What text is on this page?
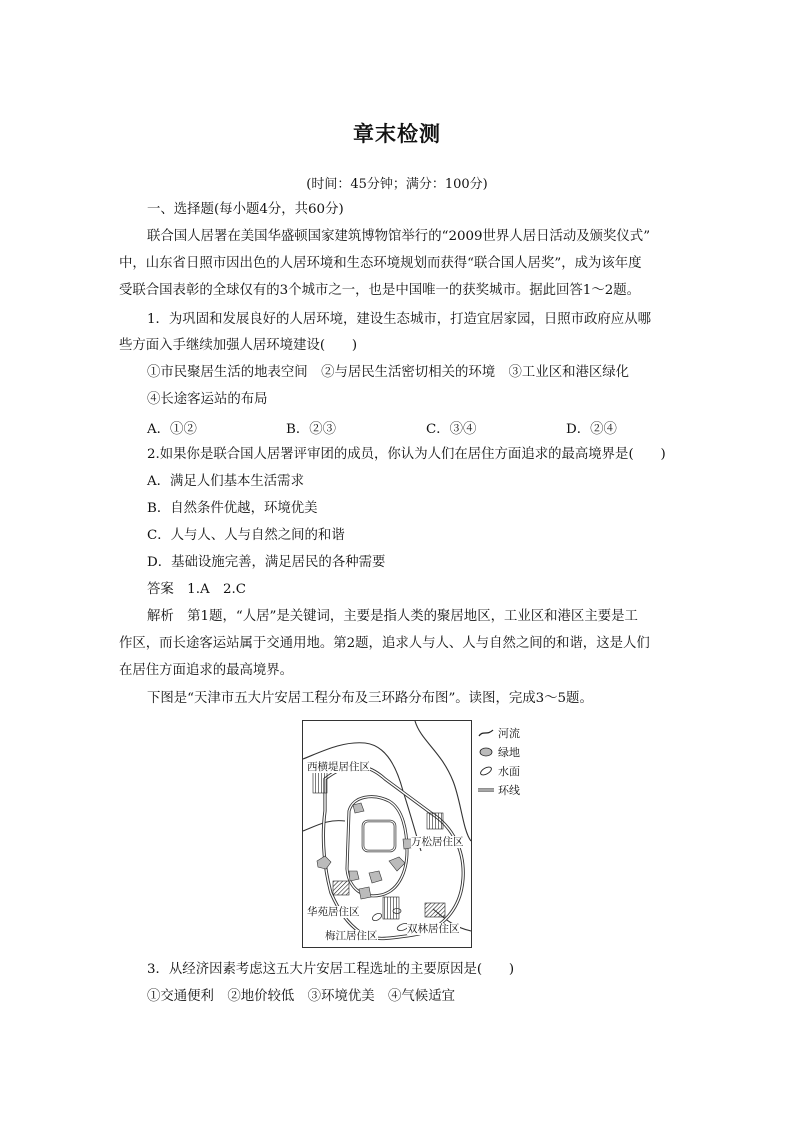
章末检测
(时间：45分钟；满分：100分)
一、选择题(每小题4分，共60分)
联合国人居署在美国华盛顿国家建筑博物馆举行的“2009世界人居日活动及颁奖仪式”
中，山东省日照市因出色的人居环境和生态环境规划而获得“联合国人居奖”，成为该年度
受联合国表彰的全球仅有的3个城市之一，也是中国唯一的获奖城市。据此回答1～2题。
1．为巩固和发展良好的人居环境，建设生态城市，打造宜居家园，日照市政府应从哪
些方面入手继续加强人居环境建设(　　)
①市民聚居生活的地表空间　②与居民生活密切相关的环境　③工业区和港区绿化
④长途客运站的布局
A．①②	B．②③	C．③④	D．②④
2.如果你是联合国人居署评审团的成员，你认为人们在居住方面追求的最高境界是(　　)
A．满足人们基本生活需求
B．自然条件优越，环境优美
C．人与人、人与自然之间的和谐
D．基础设施完善，满足居民的各种需要
答案　1.A　2.C
解析　第1题，“人居”是关键词，主要是指人类的聚居地区，工业区和港区主要是工
作区，而长途客运站属于交通用地。第2题，追求人与人、人与自然之间的和谐，这是人们
在居住方面追求的最高境界。
下图是“天津市五大片安居工程分布及三环路分布图”。读图，完成3～5题。
西横堤居住区
万松居住区
华苑居住区
梅江居住区
双林居住区
河流
绿地
水面
环线
3．从经济因素考虑这五大片安居工程选址的主要原因是(　　)
①交通便利　②地价较低　③环境优美　④气候适宜
